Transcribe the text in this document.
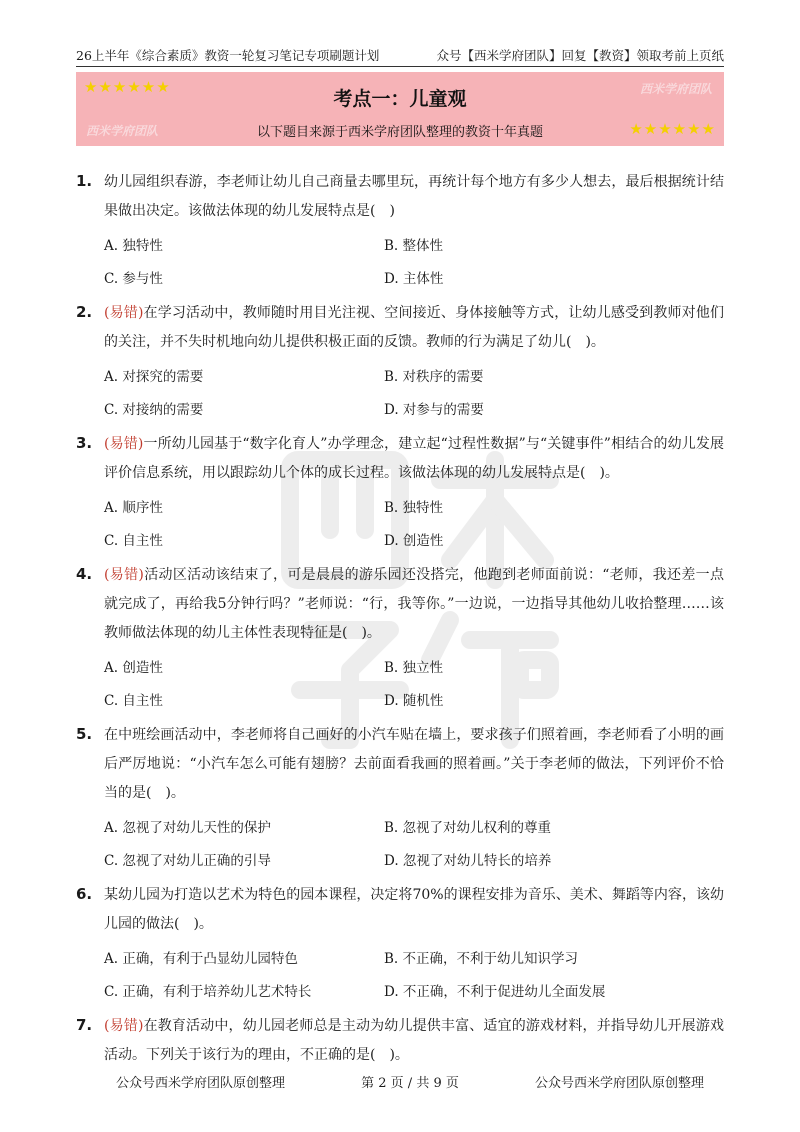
26上半年《综合素质》教资一轮复习笔记专项刷题计划	众号【西米学府团队】回复【教资】领取考前上页纸
★★★★★★	西米学府团队
考点一：儿童观
西米学府团队	以下题目来源于西米学府团队整理的教资十年真题	★★★★★★
1. 幼儿园组织春游，李老师让幼儿自己商量去哪里玩，再统计每个地方有多少人想去，最后根据统计结果做出决定。该做法体现的幼儿发展特点是(　)
A. 独特性	B. 整体性
C. 参与性	D. 主体性
2. (易错)在学习活动中，教师随时用目光注视、空间接近、身体接触等方式，让幼儿感受到教师对他们的关注，并不失时机地向幼儿提供积极正面的反馈。教师的行为满足了幼儿(　)。
A. 对探究的需要	B. 对秩序的需要
C. 对接纳的需要	D. 对参与的需要
3. (易错)一所幼儿园基于“数字化育人”办学理念，建立起“过程性数据”与“关键事件”相结合的幼儿发展评价信息系统，用以跟踪幼儿个体的成长过程。该做法体现的幼儿发展特点是(　)。
A. 顺序性	B. 独特性
C. 自主性	D. 创造性
4. (易错)活动区活动该结束了，可是晨晨的游乐园还没搭完，他跑到老师面前说：“老师，我还差一点就完成了，再给我5分钟行吗？”老师说：“行，我等你。”一边说，一边指导其他幼儿收拾整理……该教师做法体现的幼儿主体性表现特征是(　)。
A. 创造性	B. 独立性
C. 自主性	D. 随机性
5. 在中班绘画活动中，李老师将自己画好的小汽车贴在墙上，要求孩子们照着画，李老师看了小明的画后严厉地说：“小汽车怎么可能有翅膀？去前面看我画的照着画。”关于李老师的做法，下列评价不恰当的是(　)。
A. 忽视了对幼儿天性的保护	B. 忽视了对幼儿权利的尊重
C. 忽视了对幼儿正确的引导	D. 忽视了对幼儿特长的培养
6. 某幼儿园为打造以艺术为特色的园本课程，决定将70%的课程安排为音乐、美术、舞蹈等内容，该幼儿园的做法(　)。
A. 正确，有利于凸显幼儿园特色	B. 不正确，不利于幼儿知识学习
C. 正确，有利于培养幼儿艺术特长	D. 不正确，不利于促进幼儿全面发展
7. (易错)在教育活动中，幼儿园老师总是主动为幼儿提供丰富、适宜的游戏材料，并指导幼儿开展游戏活动。下列关于该行为的理由，不正确的是(　)。
公众号西米学府团队原创整理	第 2 页 / 共 9 页	公众号西米学府团队原创整理
